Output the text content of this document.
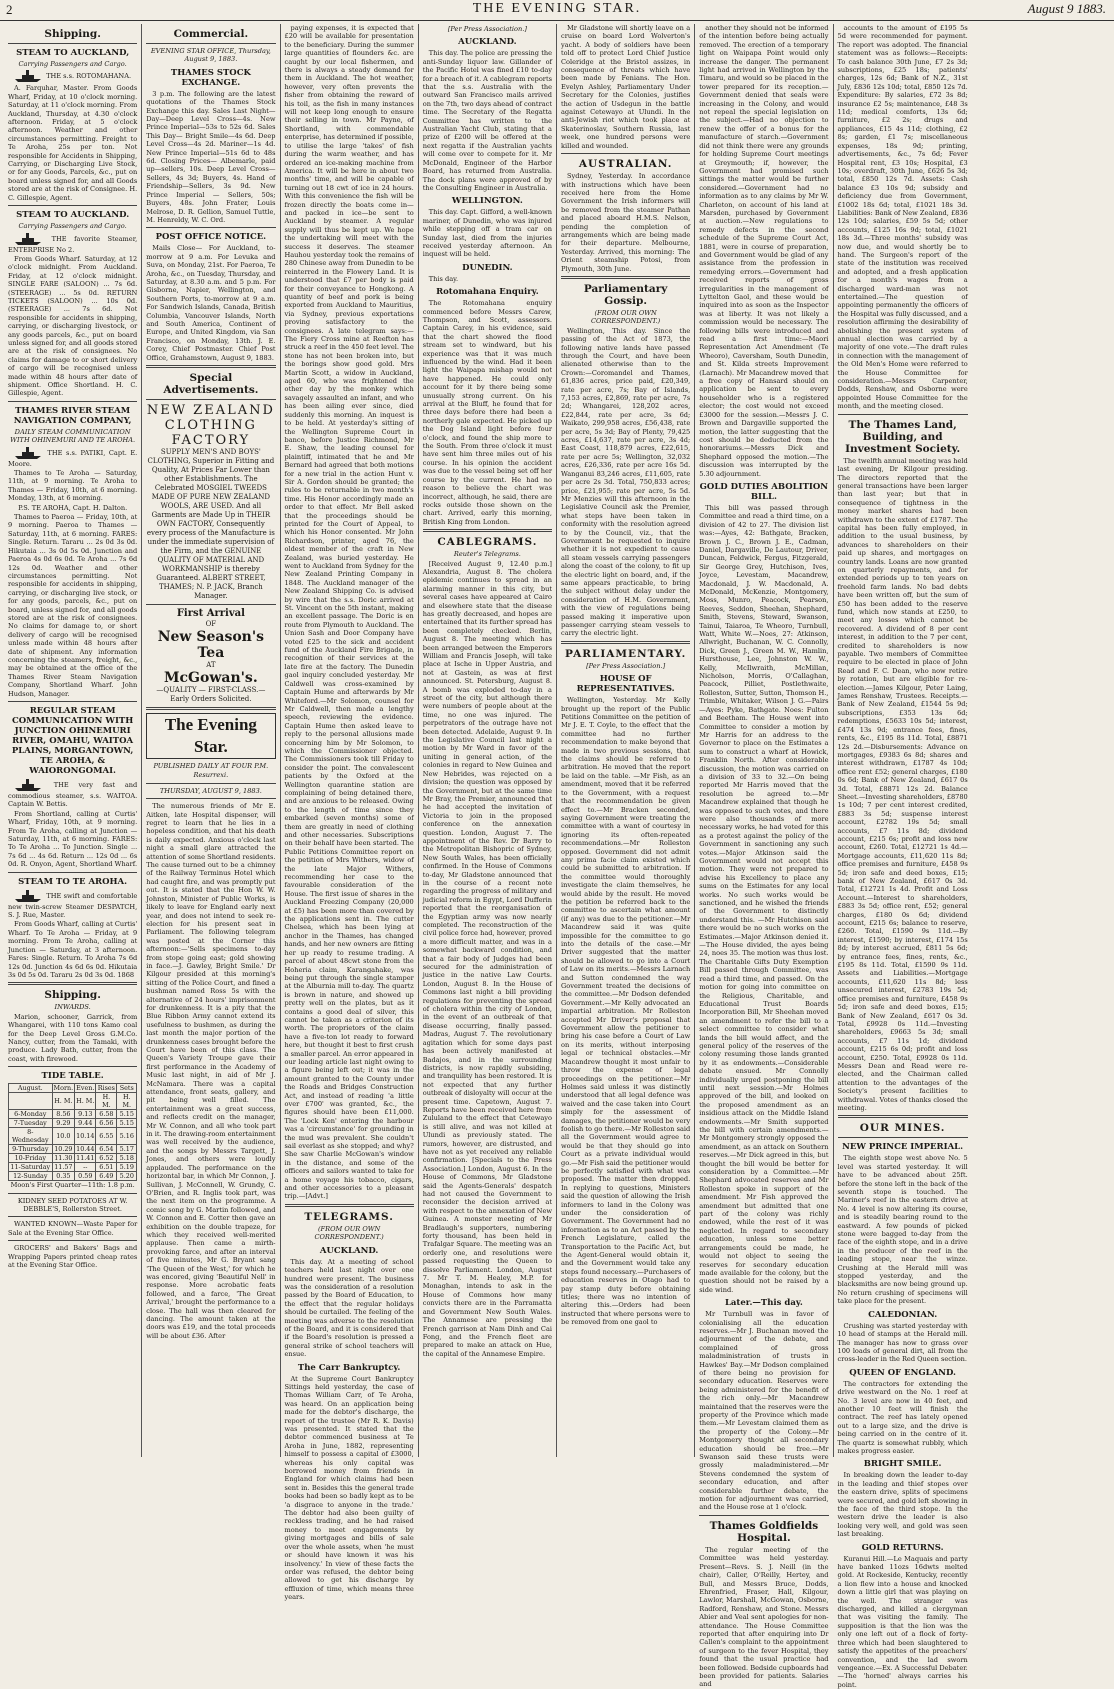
2	THE EVENING STAR.	August 9 1883.
Shipping.
STEAM TO AUCKLAND,
Carrying Passengers and Cargo.

THE s.s. ROTOMAHANA.

A. Farquhar, Master. From Goods Wharf, Friday, at 10 o'clock morning. Saturday, at 11 o'clock morning. From Auckland, Thursday, at 4.30 o'clock afternoon. Friday, at 5 o'clock afternoon. Weather and other circumstances permitting. Freight to Te Aroha, 25s per ton. Not responsible for Accidents in Shipping, Carrying, or Discharging Live Stock, or for any Goods, Parcels, &c., put on board unless signed for, and all Goods stored are at the risk of Consignee. H. C. Gillespie, Agent.

STEAM TO AUCKLAND.
Carrying Passengers and Cargo.

THE favorite Steamer, ENTERPRISE No 2.

From Goods Wharf. Saturday, at 12 o'clock midnight. From Auckland. Friday, at 12 o'clock midnight. SINGLE FARE (SALOON) ... 7s 6d. (STEERAGE) ... 5s 0d. RETURN TICKETS (SALOON) ... 10s 0d. (STEERAGE) ... 7s 6d. Not responsible for accidents in shipping, carrying, or discharging livestock, or any goods parcels, &c., put on board unless signed for, and all goods stored are at the risk of consignees. No claims for damage to or short delivery of cargo will be recognised unless made within 48 hours after date of shipment. Office Shortland. H. C. Gillespie, Agent.

THAMES RIVER STEAM NAVIGATION COMPANY,
DAILY STEAM COMMUNICATION WITH OHINEMURI AND TE AROHA.

THE s.s. PATIKI, Capt. E. Moore.

Thames to Te Aroha — Saturday, 11th, at 9 morning. Te Aroha to Thames — Friday, 10th, at 6 morning. Monday, 13th, at 6 morning.

P.S. TE AROHA, Capt. H. Dalton.

Thames to Paeroa — Friday, 10th, at 9 morning. Paeroa to Thames — Saturday, 11th, at 6 morning. FARES: Single. Return. Tararu ... 2s 0d 3s 0d. Hikutaia ... 3s 0d 5s 0d. Junction and Paeroa 4s 0d 6s 0d. Te Aroha ... 7s 6d 12s 0d. Weather and other circumstances permitting. Not responsible for accidents in shipping, carrying, or discharging live stock, or for any goods, parcels, &c., put on board, unless signed for, and all goods stored are at the risk of consignees. No claims for damage to, or short delivery of cargo will be recognised unless made within 48 hours after date of shipment. Any information concerning the steamers, freight, &c., may be obtained at the office of the Thames River Steam Navigation Company, Shortland Wharf. John Hudson, Manager.

REGULAR STEAM COMMUNICATION WITH JUNCTION OHINEMURI RIVER, OMAHU, WAITOA PLAINS, MORGANTOWN, TE AROHA, & WAIORONGOMAI.

THE very fast and commodious steamer, s.s. WAITOA. Captain W. Bettis.

From Shortland, calling at Curtis' Wharf, Friday, 10th, at 9 morning. From Te Aroha, calling at Junction — Saturday, 11th, at 6 morning. FARES: To Te Aroha ... To Junction. Single ... 7s 6d ... 4s 6d. Return ... 12s 0d ... 6s 0d. R. Onyon, Agent, Shortland Wharf.

STEAM TO TE AROHA.

THE swift and comfortable new twin-screw Steamer DESPATCH, S. J. Rue, Master.

From Goods Wharf, calling at Curtis' Wharf. To Te Aroha — Friday, at 9 morning. From Te Aroha, calling at Junction — Saturday, at 3 afternoon. Fares: Single. Return. To Aroha 7s 6d 12s 0d. Junction 4s 6d 6s 0d. Hikutaia 3s 0d 5s 0d. Tararu 2s 0d 3s 0d. 1868

Shipping.
INWARDS.

Marion, schooner, Garrick, from Whangarei, with 110 tons Kamo coal for the Deep Level Gross G.M.Co. Nancy, cutter, from the Tamaki, with produce. Lady Bath, cutter, from the coast, with firewood.

TIDE TABLE.
August.	Morn.	Even.	Rises	Sets
	H. M.	H. M.	H. M.	H. M.
6-Monday	8.56	9.13	6.58	5.15
7-Tuesday	9.29	9.44	6.56	5.15
8-Wednesday	10.0	10.14	6.55	5.16
9-Thursday	10.29	10.44	6.54	5.17
10-Friday	11.30	11.41	6.52	5.18
11-Saturday	11.57	--	6.51	5.19
12-Sunday	0.35	0.59	6.49	5.20

Moon's First Quarter—11th: 1.8 p.m.

KIDNEY SEED POTATOES AT W. DEBBLE'S, Rollerston Street.

WANTED KNOWN—Waste Paper for Sale at the Evening Star Office.

GROCERS' and Bakers' Bags and Wrapping Papers printed cheap rates at the Evening Star Office.

Commercial.
EVENING STAR OFFICE, Thursday, August 9, 1883.
THAMES STOCK EXCHANGE.

3 p.m. The following are the latest quotations of the Thames Stock Exchange this day. Sales Last Night— Day—Deep Level Cross—4s. New Prince Imperial—53s to 52s 6d. Sales This Day— Bright Smile—4s 6d. Deep Level Cross—4s 2d. Mariner—1s 4d. New Prince Imperial—51s 6d to 48s 6d. Closing Prices— Albemarle, paid up—sellers, 10s. Deep Level Cross—Sellers, 4s 3d; Buyers, 4s. Hand of Friendship—Sellers, 3s 9d. New Prince Imperial — Sellers, 50s; Buyers, 48s. John Frater, Louis Melrose, D. R. Gellion, Samuel Tuttle, M. Henreldy, W. C. Ord.

POST OFFICE NOTICE.

Mails Close— For Auckland, to-morrow at 9 a.m. For Levuka and Suva, on Monday, 21st. For Paeroa, Te Aroha, &c., on Tuesday, Thursday, and Saturday, at 8.30 a.m. and 5 p.m. For Gisborne, Napier, Wellington, and Southern Ports, to-morrow at 9 a.m. For Sandwich Islands, Canada, British Columbia, Vancouver Islands, North and South America, Continent of Europe, and United Kingdom, via San Francisco, on Monday, 13th. J. E. Corey, Chief Postmaster. Chief Post Office, Grahamstown, August 9, 1883.

Special Advertisements.
NEW ZEALAND
CLOTHING FACTORY
SUPPLY MEN'S AND BOYS' CLOTHING, Superior in Fitting and Quality, At Prices Far Lower than other Establishments. The Celebrated MOSGIEL TWEEDS MADE OF PURE NEW ZEALAND WOOLS, ARE USED. And all Garments are Made Up in THEIR OWN FACTORY, Consequently every process of the Manufacture is under the immediate supervision of the Firm, and the GENUINE QUALITY OF MATERIAL AND WORKMANSHIP is thereby Guaranteed. ALBERT STREET, THAMES; N. P. JACK, Branch Manager.
First Arrival
OF
New Season's Tea
AT
McGowan's.
—QUALITY — FIRST-CLASS.—
Early Orders Solicited.
The Evening Star.
PUBLISHED DAILY AT FOUR P.M.
Resurrexi.
THURSDAY, AUGUST 9, 1883.

The numerous friends of Mr E. Aitken, late Hospital dispenser, will regret to learn that he lies in a hopeless condition, and that his death is daily expected. Anxious o'clock last night a small glare attracted the attention of some Shortland residents. The cause turned out to be a chimney of the Railway Terminus Hotel which had caught fire, and was promptly put out. It is stated that the Hon W. W. Johnston, Minister of Public Works, is likely to leave for England early next year, and does not intend to seek re-election for his present seat in Parliament. The following telegram was posted at the Corner this afternoon:—'Sells specimens to-day from stope going east; gold showing in face.—J. Gawley, Bright Smile.' Dr Kilgour presided at this morning's sitting of the Police Court, and fined a bushman named Ross 5s with the alternative of 24 hours' imprisonment for drunkenness. It is a pity that the Blue Ribbon Army cannot extend its usefulness to bushmen, as during the last month the major portion of the drunkenness cases brought before the Court have been of this class. The Queen's Variety Troupe gave their first performance in the Academy of Music last night, in aid of Mr J. McNamara. There was a capital attendance, front seats, gallery, and pit being well filled. The entertainment was a great success, and reflects credit on the manager, Mr W. Connon, and all who took part in it. The drawing-room entertainment was well received by the audience, and the songs by Messrs Targett, J. Jones, and others were loudly applauded. The performance on the horizontal bar, in which Mr Connon, J. Sullivan, J. McConnell, W. Grundy, C. O'Brien, and R. Inglis took part, was the next item on the programme. A comic song by G. Martin followed, and W. Connon and E. Cotter then gave an exhibition on the double trapeze, for which they received well-merited applause. Then came a mirth-provoking farce, and after an interval of five minutes, Mr G. Bryant sang 'The Queen of the West,' for which he was encored, giving 'Beautiful Nell' in response. More acrobatic feats followed, and a farce, 'The Great Arrival,' brought the performance to a close. The hall was then cleared for dancing. The amount taken at the doors was £19, and the total proceeds will be about £36. After

paying expenses, it is expected that £20 will be available for presentation to the beneficiary. During the summer large quantities of flounders &c. are caught by our local fishermen, and there is always a steady demand for them in Auckland. The hot weather, however, very often prevents the fisher from obtaining the reward of his toil, as the fish in many instances will not keep long enough to ensure their selling in town. Mr Payne, of Shortland, with commendable enterprise, has determined if possible, to utilise the large 'takes' of fish during the warm weather, and has ordered an ice-making machine from America. It will be here in about two months' time, and will be capable of turning out 18 cwt of ice in 24 hours. With this convenience the fish will be frozen directly the boats come in—and packed in ice—be sent to Auckland by steamer. A regular supply will thus be kept up. We hope the undertaking will meet with the success it deserves. The steamer Hauhou yesterday took the remains of 280 Chinese away from Dunedin to be reinterred in the Flowery Land. It is understood that £7 per body is paid for their conveyance to Hongkong. A quantity of beef and pork is being exported from Auckland to Mauritius, via Sydney, previous exportations proving satisfactory to the consignees. A late telegram says:—The Fiery Cross mine at Reefton has struck a reef in the 450 feet level. The stone has not been broken into, but the borings show good gold. Mrs Martin Scott, a widow in Auckland, aged 60, who was frightened the other day by the monkey which savagely assaulted an infant, and who has been ailing ever since, died suddenly this morning. An inquest is to be held. At yesterday's sitting of the Wellington Supreme Court in banco, before Justice Richmond, Mr E. Shaw, the leading counsel for plaintiff, intimated that he and Mr Bernard had agreed that both motions for a new trial in the action Hunt v. Sir A. Gordon should be granted; the rules to be returnable in two month's time. His Honor accordingly made an order to that effect. Mr Bell asked that the proceedings should be printed for the Court of Appeal, to which his Honor consented. Mr John Richardson, printer, aged 76, the oldest member of the craft in New Zealand, was buried yesterday. He went to Auckland from Sydney for the New Zealand Printing Company in 1848. The Auckland manager of the New Zealand Shipping Co. is advised by wire that the s.s. Doric arrived at St. Vincent on the 5th instant, making an excellent passage. The Doric is en route from Plymouth to Auckland. The Union Sash and Door Company have voted £25 to the sick and accident fund of the Auckland Fire Brigade, in recognition of their services at the late fire at the factory. The Dunedin gaol inquiry concluded yesterday. Mr Caldwell was cross-examined by Captain Hume and afterwards by Mr Whiteford.—Mr Solomon, counsel for Mr Caldwell, then made a lengthy speech, reviewing the evidence. Captain Hume then asked leave to reply to the personal allusions made concerning him by Mr Solomon, to which the Commissioner objected. The Commissioners took till Friday to consider the point. The convalescent patients by the Oxford at the Wellington quarantine station are complaining of being detained there, and are anxious to be released. Owing to the length of time since they embarked (seven months) some of them are greatly in need of clothing and other necessaries. Subscriptions on their behalf have been started. The Public Petitions Committee report on the petition of Mrs Withers, widow of the late Major Withers, recommending her case to the favourable consideration of the House. The first issue of shares in the Auckland Freezing Company (20,000 at £5) has been more than covered by the applications sent in. The cutter Chelsea, which has been lying at anchor in the Thames, has changed hands, and her new owners are fitting her up ready to resume trading. A parcel of about 48cwt stone from the Hoheria claim, Karangahake, was being put through the single stamper at the Alburnia mill to-day. The quartz is brown in nature, and showed up pretty well on the plates, but as it contains a good deal of silver, this cannot be taken as a criterion of its worth. The proprietors of the claim have a five-ton lot ready to forward here, but thought it best to first crush a smaller parcel. An error appeared in our leading article last night owing to a figure being left out; it was in the amount granted to the County under the Roads and Bridges Construction Act, and instead of reading 'a little over £700' was granted, &c., the figures should have been £11,000. The 'Lock Ken' entering the harbour was a 'circumstance' for grounding in the mud was prevalent. She couldn't sail everlast as she stopped; and why? She saw Charlie McGowan's window in the distance, and some of the officers and sailors wanted to take for a home voyage his tobacco, cigars, and other accessories to a pleasant trip.—[Advt.]

TELEGRAMS.
(FROM OUR OWN CORRESPONDENT.)
AUCKLAND.

This day. At a meeting of school teachers held last night over one hundred were present. The business was the consideration of a resolution passed by the Board of Education, to the effect that the regular holidays should be curtailed. The feeling of the meeting was adverse to the resolution of the Board, and it is considered that if the Board's resolution is pressed a general strike of school teachers will ensue.

The Carr Bankruptcy.

At the Supreme Court Bankruptcy Sittings held yesterday, the case of Thomas William Carr, of Te Aroha, was heard. On an application being made for the debtor's discharge, the report of the trustee (Mr R. K. Davis) was presented. It stated that the debtor commenced business at Te Aroha in June, 1882, representing himself to possess a capital of £3000, whereas his only capital was borrowed money from friends in England for which claims had been sent in. Besides this the general trade books had been so badly kept as to be 'a disgrace to anyone in the trade.' The debtor had also been guilty of reckless trading, and he had raised money to meet engagements by giving mortgages and bills of sale over the whole assets, when 'he must or should have known it was his insolvency.' In view of these facts the order was refused, the debtor being allowed to get his discharge by effluxion of time, which means three years.

[Per Press Association.]
AUCKLAND.

This day. The police are pressing the anti-Sunday liquor law. Gillander of the Pacific Hotel was fined £10 to-day for a breach of it. A cablegram reports that the s.s. Australia with the outward San Francisco mails arrived on the 7th, two days ahead of contract time. The Secretary of the Regatta Committee has written to the Australian Yacht Club, stating that a prize of £200 will be offered at the next regatta if the Australian yachts will come over to compete for it. Mr McDonald, Engineer of the Harbor Board, has returned from Australia. The dock plans were approved of by the Consulting Engineer in Australia.

WELLINGTON.

This day. Capt. Gifford, a well-known mariner, of Dunedin, who was injured while stepping off a tram car on Sunday last, died from the injuries received yesterday afternoon. An inquest will be held.

DUNEDIN.

This day.

Rotomahana Enquiry.

The Rotomahana enquiry commenced before Messrs Carew, Thompson, and Scott, assessors. Captain Carey, in his evidence, said that the chart showed the flood stream set to windward, but his experience was that it was much influenced by the wind. Had it been light the Waipapa mishap would not have happened. He could only account for it by there being some unusually strong current. On his arrival at the Bluff, he found that for three days before there had been a northerly gale expected. He picked up the Dog Island light before four o'clock, and found the ship more to the South. From three o'clock it must have sent him three miles out of his course. In his opinion the accident was due to the vessel being set off her course by the current. He had no reason to believe the chart was incorrect, although, he said, there are rocks outside those shown on the chart. Arrived, early this morning, British King from London.

CABLEGRAMS.
Reuter's Telegrams.

[Received August 9, 12.40 p.m.] Alexandria, August 8. The cholera epidemic continues to spread in an alarming manner in this city, but several cases have appeared at Cairo and elsewhere state that the disease has greatly decreased, and hopes are entertained that its further spread has been completely checked. Berlin, August 8. The meeting which has been arranged between the Emperors William and Francis Joseph, will take place at Ische in Upper Austria, and not at Gastein, as was at first announced. St. Petersburg, August 8. A bomb was exploded to-day in a street of the city, but although there were numbers of people about at the time, no one was injured. The perpetrators of the outrage have not been detected. Adelaide, August 9. In the Legislative Council last night a motion by Mr Ward in favor of the uniting in general action, of the colonies in regard to New Guinea and New Hebrides, was rejected on a division; the question was opposed by the Government, but at the same time Mr Bray, the Premier, announced that he had accepted the invitation of Victoria to join in the proposed conference on the annexation question. London, August 7. The appointment of the Rev. Dr Barry to the Metropolitan Bishopric of Sydney, New South Wales, has been officially confirmed. In the House of Commons to-day, Mr Gladstone announced that in the course of a recent note regarding the progress of military and judicial reform in Egypt, Lord Dufferin reported that the reorganisation of the Egyptian army was now nearly completed. The reconstruction of the civil police force had, however, proved a more difficult matter, and was in a somewhat backward condition, and that a fair body of Judges had been secured for the administration of justice in the native Law Courts. London, August 8. In the House of Commons last night a bill providing regulations for preventing the spread of cholera within the city of London, in the event of an outbreak of that disease occurring, finally passed. Madras, August 7. The revolutionary agitation which for some days past has been actively manifested at Badajos, and in the surrounding districts, is now rapidly subsiding, and tranquility has been restored. It is not expected that any further outbreak of disloyalty will occur at the present time. Capetown, August 7. Reports have been received here from Zululand to the effect that Cetewayo is still alive, and was not killed at Ulundi as previously stated. The rumors, however, are distrusted, and have not as yet received any reliable confirmation. [Specials to the Press Association.] London, August 6. In the House of Commons, Mr Gladstone said the Agents-Generals' despatch had not caused the Government to reconsider the decision arrived at with respect to the annexation of New Guinea. A monster meeting of Mr Bradlaugh's supporters, numbering forty thousand, has been held in Trafalgar Square. The meeting was an orderly one, and resolutions were passed requesting the Queen to dissolve Parliament. London, August 7. Mr T. M. Healey, M.P. for Monaghan, intends to ask in the House of Commons how many convicts there are in the Parramatta and Government New South Wales. The Annamese are pressing the French garrison at Nam Dinh and Cai Fong, and the French fleet are prepared to make an attack on Hue, the capital of the Annamese Empire.

Mr Gladstone will shortly leave on a cruise on board Lord Wolverton's yacht. A body of soldiers have been told off to protect Lord Chief Justice Coleridge at the Bristol assizes, in consequence of threats which have been made by Fenians. The Hon. Evelyn Ashley, Parliamentary Under Secretary for the Colonies, justifies the action of Usdegun in the battle against Cetewayo at Ulundi. In the anti-Jewish riot which took place at Skaterinoslav, Southern Russia, last week, one hundred persons were killed and wounded.

AUSTRALIAN.

Sydney, Yesterday. In accordance with instructions which have been received here from the Home Government the Irish informers will be removed from the steamer Pathan and placed aboard H.M.S. Nelson, pending the completion of arrangements which are being made for their departure. Melbourne, Yesterday. Arrived, this morning: The Orient steamship Potosi, from Plymouth, 30th June.

Parliamentary Gossip.
(FROM OUR OWN CORRESPONDENT.)

Wellington, This day. Since the passing of the Act of 1873, the following native lands have passed through the Court, and have been alienated otherwise than to the Crown:—Coromandel and Thames, 61,836 acres, price paid, £20,349, rate per acre, 7s; Bay of Islands, 7,153 acres, £2,869, rate per acre, 7s 2d; Whangarei, 128,202 acres, £22,844, rate per acre, 3s 6d; Waikato, 299,958 acres, £56,438, rate per acre, 5s 3d; Bay of Plenty, 79,425 acres, £14,637, rate per acre, 3s 4d; East Coast, 118,879 acres, £22,615, rate per acre 5s; Wellington, 32,032 acres, £26,336, rate per acre 16s 5d. Wanganui 83,246 acres, £11,605, rate per acre 2s 3d. Total, 750,833 acres; price, £21,955; rate per acre, 5s 5d. Mr Menzies will this afternoon in the Legislative Council ask the Premier, what steps have been taken in conformity with the resolution agreed to by the Council, viz., that the Government be requested to inquire whether it is not expedient to cause all steam vessels carrying passengers along the coast of the colony, to fit up the electric light on board, and, if the same appears practicable, to bring the subject without delay under the consideration of H.M. Government, with the view of regulations being passed making it imperative upon passenger carrying steam vessels to carry the electric light.

PARLIAMENTARY.
[Per Press Association.]
HOUSE OF REPRESENTATIVES.

Wellington, Yesterday. Mr Kelly brought up the report of the Public Petitions Committee on the petition of Mr J. E. T. Coyle, to the effect that the committee had no further recommendation to make beyond that made in two previous sessions, that the claims should be referred to arbitration. He moved that the report be laid on the table. —Mr Fish, as an amendment, moved that it be referred to the Government, with a request that the recommendation be given effect to.—Mr Bracken seconded, saying Government were treating the committee with a want of courtesy in ignoring its often-repeated recommendations.—Mr Rolleston opposed. Government did not admit any prima facie claim existed which could be submitted to arbitration. If the committee would thoroughly investigate the claim themselves, he would abide by the result. He moved the petition be referred back to the committee to ascertain what amount (if any) was due to the petitioner.—Mr Macandrew said it was quite impossible for the committee to go into the details of the case.—Mr Driver suggested that the matter should be allowed to go into a Court of Law on its merits.—Messrs Larnach and Sutton condemned the way Government treated the decisions of the committee.—Mr Dodson defended Government.—Mr Kelly advocated an impartial arbitration. Mr Rolleston accepted Mr Driver's proposal that Government allow the petitioner to bring his case before a Court of Law on its merits, without interposing legal or technical obstacles.—Mr Macandrew thought it most unfair to throw the expense of legal proceedings on the petitioner.—Mr Holmes said unless it was distinctly understood that all legal defence was waived and the case taken into Court simply for the assessment of damages, the petitioner would be very foolish to go there.—Mr Rolleston said all the Government would agree to would be that they should go into Court as a private individual would go.—Mr Fish said the petitioner would be perfectly satisfied with what was proposed. The matter then dropped. In replying to questions, Ministers said the question of allowing the Irish informers to land in the Colony was under the consideration of Government. The Government had no information as to an Act passed by the French Legislature, called the Transportation to the Pacific Act, but the Agent-General would obtain it, and the Government would take any steps found necessary.—Purchasers of education reserves in Otago had to pay stamp duty before obtaining titles; there was no intention of altering this.—Orders had been instructed that where persons were to be removed from one gaol to

another they should not be informed of the intention before being actually removed. The erection of a temporary light on Waipapa Point would only increase the danger. The permanent light had arrived in Wellington by the Timaru, and would so be placed in the tower prepared for its reception.—Government denied that seals were increasing in the Colony, and would not repeal the special legislation on the subject.—Had no objection to renew the offer of a bonus for the manufacture of starch.—Government did not think there were any grounds for holding Supreme Court meetings at Greymouth; if, however, the Government had promised such sittings the matter would be further considered.—Government had no information as to any claims by Mr W. Charleton, on account of his land at Marsden, purchased by Government at auction.—New regulations to remedy defects in the second schedule of the Supreme Court Act, 1881, were in course of preparation, and Government would be glad of any assistance from the profession in remedying errors.—Government had received reports of gross irregularities in the management of Lyttelton Gaol, and these would be inquired into as soon as the Inspector was at liberty. It was not likely a commission would be necessary. The following bills were introduced and read a first time:—Maori Representation Act Amendment (Te Wheoro), Caversham, South Dunedin, and St. Kilda streets Improvement (Larnach). Mr Macandrew moved that a free copy of Hansard should on application be sent to every householder who is a registered elector; the cost would not exceed £3000 for the session.—Messrs J. C. Brown and Dargaville supported the motion, the latter suggesting that the cost should be deducted from the honorariums.—Messrs Dick and Shephard opposed the motion.—The discussion was interrupted by the 5.30 adjournment.

GOLD DUTIES ABOLITION BILL.

This bill was passed through Committee and read a third time, on a division of 42 to 27. The division list was:—Ayes, 42: Bathgate, Bracken, Brown J. C., Brown J. E., Cadman, Daniel, Dargaville, De Lautour, Driver, Duncan, Feldwick, Fergus, Fitzgerald, Sir George Grey, Hutchison, Ives, Joyce, Levestam, Macandrew, Macdonald, J. W. Macdonald, A. McDonald, McKenzie, Montgomery, Moss, Munro, Peacock, Pearson, Reeves, Seddon, Sheehan, Shephard, Smith, Stevens, Steward, Swanson, Tainui, Taiaroa, Te Wheoro, Turnbull, Watt, White W.—Noes, 27: Atkinson, Allwright, Buchanan, W. C. Connolly, Dick, Green J., Green M. W., Hamlin, Hursthouse, Lee, Johnston W. W., Kelly, McIlwraith, McMillan, Nicholson, Morris, O'Callaghan, Peacock, Pilliet, Postlethwaite, Rolleston, Sutter, Sutton, Thomson H., Trimble, Whitaker, Wilson J. G.—Pairs—Ayes: Pyke, Bathgate. Noes: Fulton and Beetham. The House went into Committee to consider a motion by Mr Harris for an address to the Governor to place on the Estimates a sum to construct a wharf at Howick, Franklin North. After considerable discussion, the motion was carried on a division of 33 to 32.—On being reported Mr Harris moved that the resolution be agreed to.—Mr Macandrew explained that though he was opposed to such votes, and there were also thousands of more necessary works, he had voted for this as a protest against the policy of the Government in sanctioning any such votes.—Major Atkinson said the Government would not accept this motion. They were not prepared to advise his Excellency to place any sums on the Estimates for any local works. No such works would be sanctioned, and he wished the friends of the Government to distinctly understand this. —Mr Hutchison said there would be no such works on the Estimates.—Major Atkinson denied it.—The House divided, the ayes being 24, noes 35. The motion was thus lost. The Charitable Gifts Duty Exemption Bill passed through Committee, was read a third time, and passed. On the motion for going into committee on the Religious, Charitable, and Educational Trust Boards Incorporation Bill, Mr Sheehan moved an amendment to refer the bill to a select committee to consider what lands the bill would affect, and the general policy of the reserves of the colony resuming those lands granted by it as endowments.—Considerable debate ensued. Mr Connolly individually urged postponing the bill until next session.—Mr Holmes approved of the bill, and looked on the proposed amendment as an insidious attack on the Middle Island endowments.—Mr Smith supported the bill with certain amendments.—Mr Montgomery strongly opposed the amendment, as an attack on Southern reserves.—Mr Dick agreed in this, but thought the bill would be better for consideration by a Committee.—Mr Shephard advocated reserves and Mr Rolleston spoke in support of the amendment. Mr Fish approved the amendment but admitted that one part of the colony was richly endowed, while the rest of it was neglected. In regard to secondary education, unless some better arrangements could be made, he would not object to seeing the reserves for secondary education made available for the colony, but the question should not be raised by a side wind.

Later.—This day.

Mr Turnbull was in favor of colonialising all the education reserves.—Mr J. Buchanan moved the adjournment of the debate, and complained of gross maladministration of trusts in Hawkes' Bay.—Mr Dodson complained of there being no provision for secondary education. Reserves were being administered for the benefit of the rich only.—Mr Macandrew maintained that the reserves were the property of the Province which made them.—Mr Levestam claimed them as the property of the Colony.—Mr Montgomery thought all secondary education should be free.—Mr Swanson said these trusts were grossly maladministered.—Mr Stevens condemned the system of secondary education, and after considerable further debate, the motion for adjournment was carried, and the House rose at 1 o'clock.

Thames Goldfields Hospital.

The regular meeting of the Committee was held yesterday. Present—Revs. S. J. Neill (in the chair), Caller, O'Reilly, Hertey, and Bull, and Messrs Bruce, Dodds, Ehrenfried, Fraser, Hall, Kilgour, Lawlor, Marshall, McGowan, Osborne, Radford, Renshaw, and Stone. Messrs Abier and Veal sent apologies for non-attendance. The House Committee reported that after enquiring into Dr Callen's complaint to the appointment of surgeon to the fever Hospital, they found that the usual practice had been followed. Bedside cupboards had been provided for patients. Salaries and

accounts to the amount of £195 5s 5d were recommended for payment. The report was adopted. The financial statement was as follows:—Receipts: To cash balance 30th June, £7 2s 3d; subscriptions, £25 18s; patients' charges, 12s 6d; Bank of N.Z., 31st July, £836 12s 10d; total, £850 12s 7d. Expenditure: By salaries, £72 3s 8d; insurance £2 5s; maintenance, £48 3s 11d; medical comforts, 13s 6d; furniture, £2 2s; drugs and appliances, £15 4s 11d; clothing, £2 8s; garden, £1 7s; miscellaneous expenses, 18s 9d; printing, advertisements, &c., 7s 6d; Fever Hospital rent, £3 10s; Hospital, £3 10s; overdraft, 30th June, £626 5s 3d; total, £850 12s 7d. Assets: Cash balance £3 10s 9d; subsidy and deficiency due from Government, £1002 18s 6d; total, £1021 18s 3d. Liabilities: Bank of New Zealand, £836 12s 10d; salaries, £59 5s 5d; other accounts, £125 16s 9d; total, £1021 18s 3d.—Three months' subsidy was now due, and would shortly be to hand. The Surgeon's report of the state of the institution was received and adopted, and a fresh application for a month's wages from a discharged ward-man was not entertained.—The question of appointing permanently the officers of the Hospital was fully discussed, and a resolution affirming the desirability of abolishing the present system of annual election was carried by a majority of one vote.—The draft rules in connection with the management of the Old Men's Home were referred to the House Committee for consideration.—Messrs Carpenter, Dodds, Renshaw, and Osborne were appointed House Committee for the month, and the meeting closed.

The Thames Land, Building, and Investment Society.

The twelfth annual meeting was held last evening, Dr Kilgour presiding. The directors reported that the general transactions have been larger than last year; but that in consequence of tightness in the money market shares had been withdrawn to the extent of £1787. The capital has been fully employed, in addition to the usual business, by advances to shareholders on their paid up shares, and mortgages on country lands. Loans are now granted on quarterly repayments, and for extended periods up to ten years on freehold farm lands. No bad debts have been written off, but the sum of £50 has been added to the reserve fund, which now stands at £250, to meet any losses which cannot be recovered. A dividend of 8 per cent interest, in addition to the 7 per cent, credited to shareholders is now payable. Two members of Committee require to be elected in place of John Read and F. C. Dean, who now retire by rotation, but are eligible for re-election.—James Kilgour, Peter Laing, James Renshaw, Trustees. Receipts.—Bank of New Zealand, £1544 5s 9d; subscriptions, £353 13s 6d; redemptions, £5633 10s 5d; interest, £474 13s 9d; entrance fees, fines, rents, &c., £195 8s 11d. Total, £8871 12s 2d.—Disbursements: Advance on mortgages, £9383 6s 8d; shares and interest withdrawn, £1787 4s 10d; office rent £52; general charges, £180 0s 6d; Bank of New Zealand, £617 0s 3d. Total, £8871 12s 2d. Balance Sheet.—Investing shareholders, £8780 1s 10d; 7 per cent interest credited, £883 3s 5d; suspense interest account, £2782 19s 5d; small accounts, £7 11s 8d; dividend account, £215 6s; profit and loss new account, £260. Total, £12721 1s 4d.—Mortgage accounts, £11,620 11s 8d; office premises and furniture, £458 9s 5d; iron safe and deed boxes, £15; bank of New Zealand, £617 0s 3d. Total, £12721 1s 4d. Profit and Loss Account.—Interest to shareholders, £883 3s 5d; office rent, £52; general charges, £180 0s 6d; dividend account, £215 6s; balance to reserve, £260. Total, £1590 9s 11d.—By interest, £1590; by interest, £174 15s 8d; by interest accrued, £811 5s 6d; by entrance fees, fines, rents, &c., £195 8s 11d. Total, £1590 9s 11d. Assets and Liabilities.—Mortgage accounts, £11,620 11s 8d; less unsecured interest, £2783 19s 5d; office premises and furniture, £458 9s 5d; iron safe and deed boxes, £15; Bank of New Zealand, £617 0s 3d. Total, £9928 0s 11d.—Investing shareholders, £9663 5s 3d; small accounts, £7 11s 1d; dividend account, £215 6s 0d; profit and loss account, £250. Total, £9928 0s 11d. Messrs Dean and Read were re-elected, and the Chairman called attention to the advantages of the Society's present facilities to withdrawal. Votes of thanks closed the meeting.

OUR MINES.
NEW PRINCE IMPERIAL.

The eighth stope west above No. 5 level was started yesterday. It will have to be advanced about 25ft. before the stone left in the back of the seventh stope is touched. The Mariner's reef in the eastern drive at No. 4 level is now altering its course, and is steadily bearing round to the eastward. A few pounds of picked stone were bagged to-day from the face of the eighth stope, and in a drive in the producer of the reef in the leading stope, near the winze. Crushing at the Herald mill was stopped yesterday, and the blacksmiths are now being ground up. No return crushing of specimens will take place for the present.

CALEDONIAN.

Crushing was started yesterday with 10 head of stamps at the Herald mill. The manager has now to grass over 100 loads of general dirt, all from the cross-leader in the Red Queen section.

QUEEN OF ENGLAND.

The contractors for extending the drive westward on the No. 1 reef at No. 3 level are now in 40 feet, and another 10 feet will finish the contract. The reef has lately opened out to a large size, and the drive is being carried on in the centre of it. The quartz is somewhat rubbly, which makes progress easier.

BRIGHT SMILE.

In breaking down the leader to-day in the leading and thief stopes over the eastern drive, splits of specimens were secured, and gold left showing in the face of the third stope. In the western drive the leader is also looking very well, and gold was seen last breaking.

GOLD RETURNS.

Kuranui Hill.—Le Maquais and party have banked 11ozs 16dwts melted gold. At Rockeside, Kentucky, recently a lion flew into a house and knocked down a little girl that was playing on the well. The stranger was discharged, and killed a clergyman that was visiting the family. The supposition is that the lion was the only one left out of a flock of forty-three which had been slaughtered to satisfy the appetites of the preachers' convention, and the lad sworn vengeance.—Ex. A Successful Debater.—The 'horned' always carries his point.
